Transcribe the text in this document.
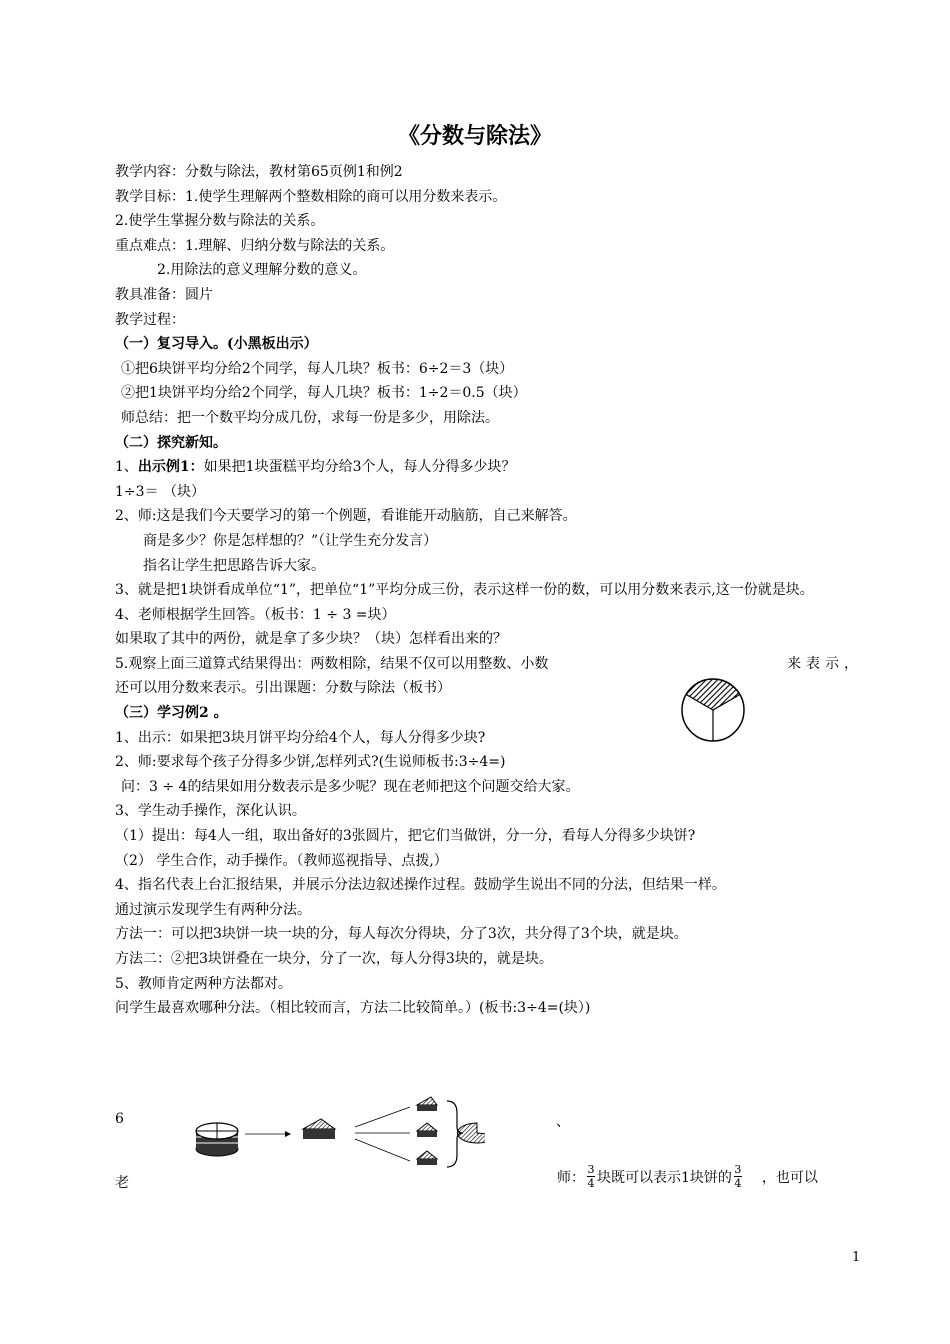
《分数与除法》
教学内容：分数与除法，教材第65页例1和例2
教学目标：1.使学生理解两个整数相除的商可以用分数来表示。
2.使学生掌握分数与除法的关系。
重点难点：1.理解、归纳分数与除法的关系。
2.用除法的意义理解分数的意义。
教具准备：圆片
教学过程：
（一）复习导入。(小黑板出示）
①把6块饼平均分给2个同学，每人几块？板书：6÷2＝3（块）
②把1块饼平均分给2个同学，每人几块？板书：1÷2＝0.5（块）
师总结：把一个数平均分成几份，求每一份是多少，用除法。
（二）探究新知。
1、出示例1：如果把1块蛋糕平均分给3个人，每人分得多少块？
1÷3＝ （块）
2、师:这是我们今天要学习的第一个例题，看谁能开动脑筋，自己来解答。
商是多少？你是怎样想的？”（让学生充分发言）
指名让学生把思路告诉大家。
3、就是把1块饼看成单位“1”，把单位“1”平均分成三份，表示这样一份的数，可以用分数来表示,这一份就是块。
4、老师根据学生回答。（板书：1 ÷ 3 =块）
如果取了其中的两份，就是拿了多少块？（块）怎样看出来的？
5.观察上面三道算式结果得出：两数相除，结果不仅可以用整数、小数	来表示，
还可以用分数来表示。引出课题：分数与除法（板书）
（三）学习例2 。
1、出示：如果把3块月饼平均分给4个人，每人分得多少块?
2、师:要求每个孩子分得多少饼,怎样列式?(生说师板书:3÷4=)
问：3 ÷ 4的结果如用分数表示是多少呢？现在老师把这个问题交给大家。
3、学生动手操作，深化认识。
（1）提出：每4人一组，取出备好的3张圆片，把它们当做饼，分一分，看每人分得多少块饼?
（2） 学生合作，动手操作。（教师巡视指导、点拨,）
4、指名代表上台汇报结果，并展示分法边叙述操作过程。鼓励学生说出不同的分法，但结果一样。
通过演示发现学生有两种分法。
方法一：可以把3块饼一块一块的分，每人每次分得块，分了3次，共分得了3个块，就是块。
方法二：②把3块饼叠在一块分，分了一次，每人分得3块的，就是块。
5、教师肯定两种方法都对。
问学生最喜欢哪种分法。（相比较而言，方法二比较简单。）(板书:3÷4=(块）)
6	、
老	师： $\frac{3}{4}$ 块既可以表示1块饼的 $\frac{3}{4}$ ，也可以
1
